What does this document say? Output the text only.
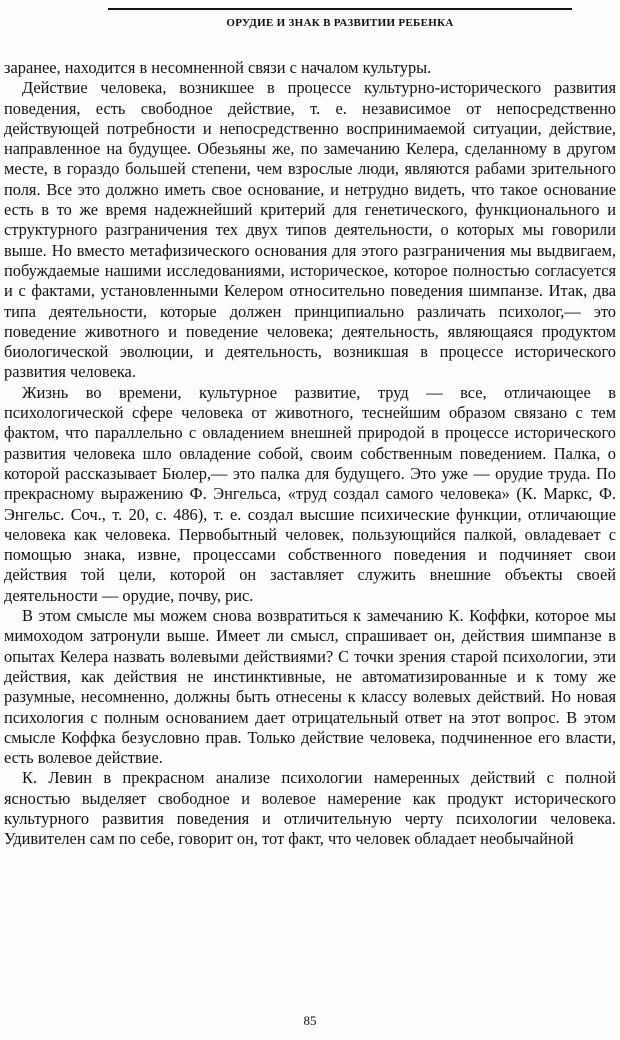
ОРУДИЕ И ЗНАК В РАЗВИТИИ РЕБЕНКА

заранее, находится в несомненной связи с началом культуры.

Действие человека, возникшее в процессе культурно-исторического развития поведения, есть свободное действие, т. е. независимое от непосредственно действующей потребности и непосредственно воспринимаемой ситуации, действие, направленное на будущее. Обезьяны же, по замечанию Келера, сделанному в другом месте, в гораздо большей степени, чем взрослые люди, являются рабами зрительного поля. Все это должно иметь свое основание, и нетрудно видеть, что такое основание есть в то же время надежнейший критерий для генетического, функционального и структурного разграничения тех двух типов деятельности, о которых мы говорили выше. Но вместо метафизического основания для этого разграничения мы выдвигаем, побуждаемые нашими исследованиями, историческое, которое полностью согласуется и с фактами, установленными Келером относительно поведения шимпанзе. Итак, два типа деятельности, которые должен принципиально различать психолог,— это поведение животного и поведение человека; деятельность, являющаяся продуктом биологической эволюции, и деятельность, возникшая в процессе исторического развития человека.

Жизнь во времени, культурное развитие, труд — все, отличающее в психологической сфере человека от животного, теснейшим образом связано с тем фактом, что параллельно с овладением внешней природой в процессе исторического развития человека шло овладение собой, своим собственным поведением. Палка, о которой рассказывает Бюлер,— это палка для будущего. Это уже — орудие труда. По прекрасному выражению Ф. Энгельса, «труд создал самого человека» (К. Маркс, Ф. Энгельс. Соч., т. 20, с. 486), т. е. создал высшие психические функции, отличающие человека как человека. Первобытный человек, пользующийся палкой, овладевает с помощью знака, извне, процессами собственного поведения и подчиняет свои действия той цели, которой он заставляет служить внешние объекты своей деятельности — орудие, почву, рис.

В этом смысле мы можем снова возвратиться к замечанию К. Коффки, которое мы мимоходом затронули выше. Имеет ли смысл, спрашивает он, действия шимпанзе в опытах Келера назвать волевыми действиями? С точки зрения старой психологии, эти действия, как действия не инстинктивные, не автоматизированные и к тому же разумные, несомненно, должны быть отнесены к классу волевых действий. Но новая психология с полным основанием дает отрицательный ответ на этот вопрос. В этом смысле Коффка безусловно прав. Только действие человека, подчиненное его власти, есть волевое действие.

К. Левин в прекрасном анализе психологии намеренных действий с полной ясностью выделяет свободное и волевое намерение как продукт исторического культурного развития поведения и отличительную черту психологии человека. Удивителен сам по себе, говорит он, тот факт, что человек обладает необычайной

85
